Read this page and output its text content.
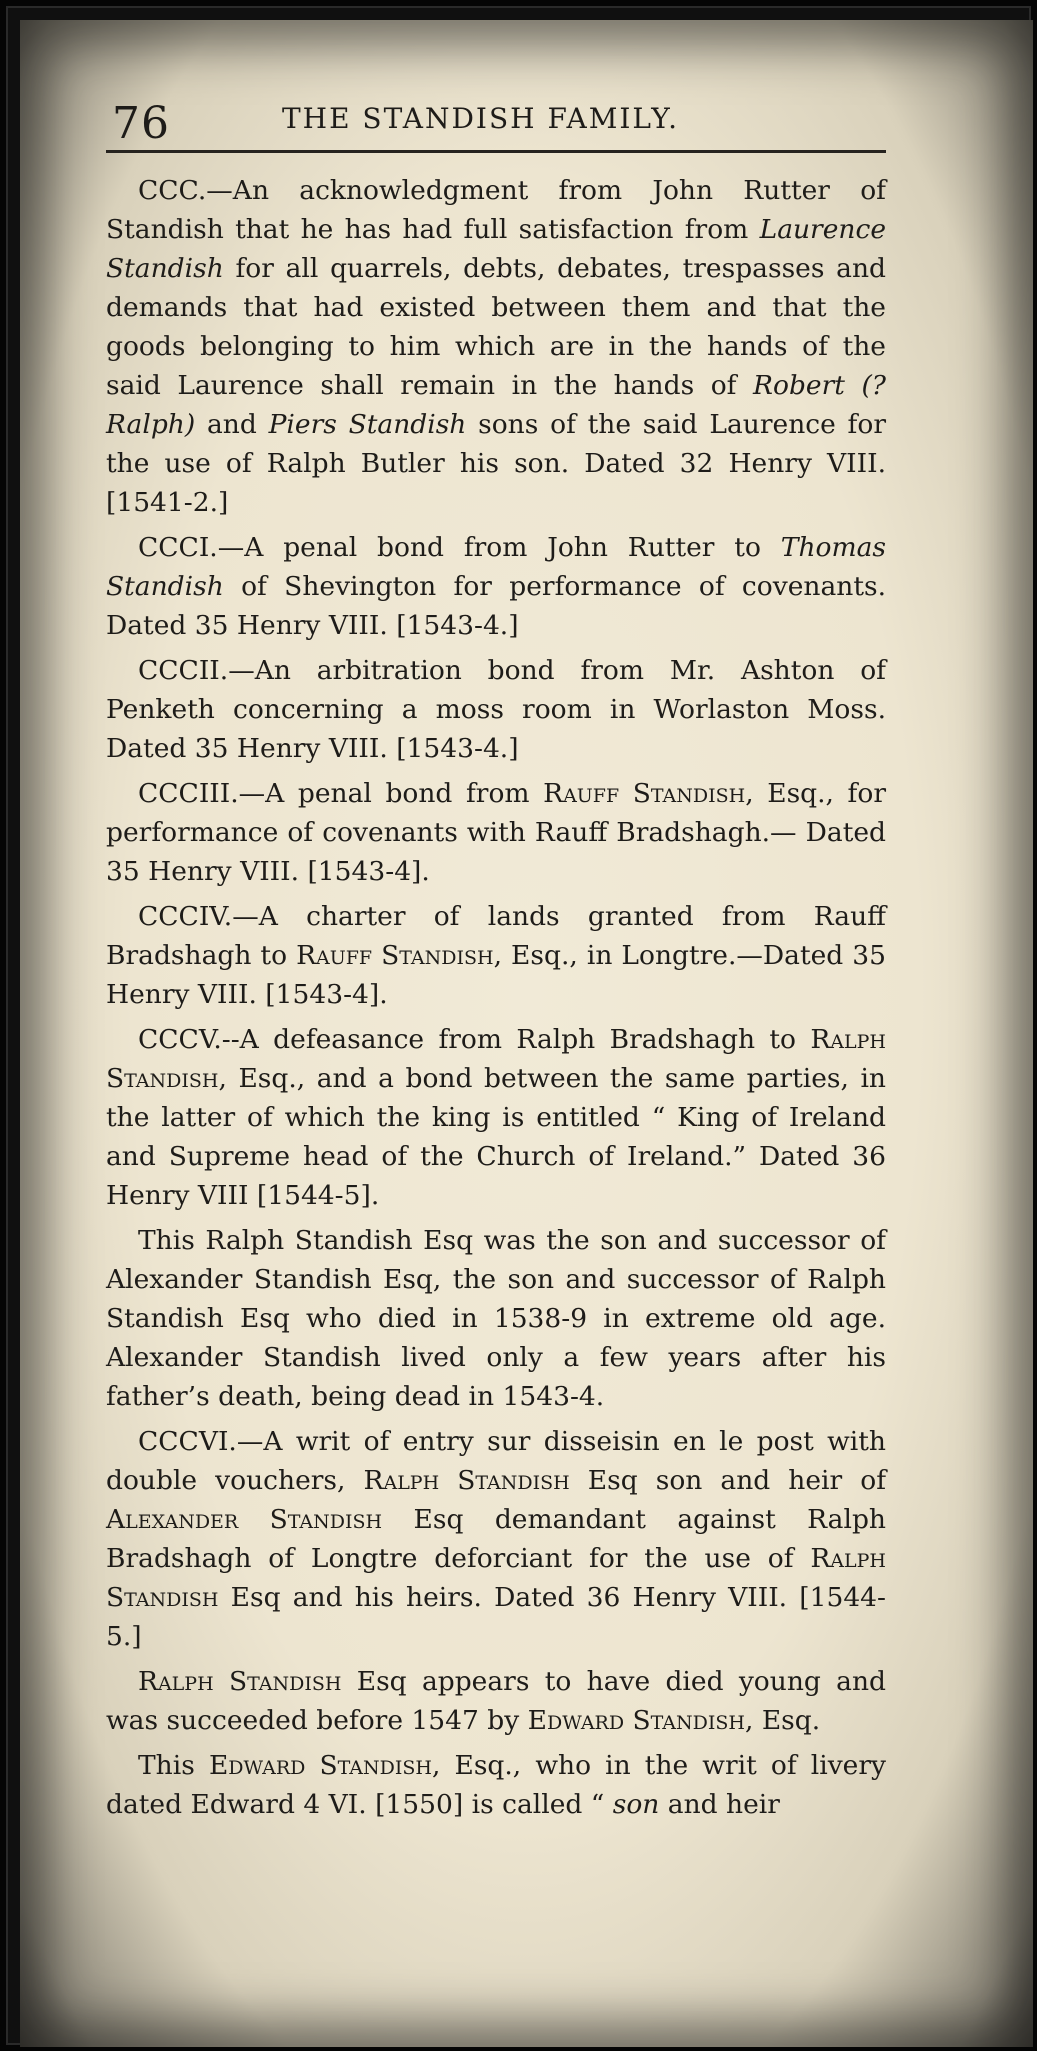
76	THE STANDISH FAMILY.

CCC.—An acknowledgment from John Rutter of Standish that he has had full satisfaction from Laurence Standish for all quarrels, debts, debates, trespasses and demands that had existed between them and that the goods belonging to him which are in the hands of the said Laurence shall remain in the hands of Robert (? Ralph) and Piers Standish sons of the said Laurence for the use of Ralph Butler his son. Dated 32 Henry VIII. [1541-2.]

CCCI.—A penal bond from John Rutter to Thomas Standish of Shevington for performance of covenants. Dated 35 Henry VIII. [1543-4.]

CCCII.—An arbitration bond from Mr. Ashton of Penketh concerning a moss room in Worlaston Moss. Dated 35 Henry VIII. [1543-4.]

CCCIII.—A penal bond from Rauff Standish, Esq., for performance of covenants with Rauff Bradshagh.— Dated 35 Henry VIII. [1543-4].

CCCIV.—A charter of lands granted from Rauff Bradshagh to Rauff Standish, Esq., in Longtre.—Dated 35 Henry VIII. [1543-4].

CCCV.--A defeasance from Ralph Bradshagh to Ralph Standish, Esq., and a bond between the same parties, in the latter of which the king is entitled “ King of Ireland and Supreme head of the Church of Ireland.” Dated 36 Henry VIII [1544-5].

This Ralph Standish Esq was the son and successor of Alexander Standish Esq, the son and successor of Ralph Standish Esq who died in 1538-9 in extreme old age. Alexander Standish lived only a few years after his father’s death, being dead in 1543-4.

CCCVI.—A writ of entry sur disseisin en le post with double vouchers, Ralph Standish Esq son and heir of Alexander Standish Esq demandant against Ralph Bradshagh of Longtre deforciant for the use of Ralph Standish Esq and his heirs. Dated 36 Henry VIII. [1544-5.]

Ralph Standish Esq appears to have died young and was succeeded before 1547 by Edward Standish, Esq.

This Edward Standish, Esq., who in the writ of livery dated Edward 4 VI. [1550] is called “ son and heir
